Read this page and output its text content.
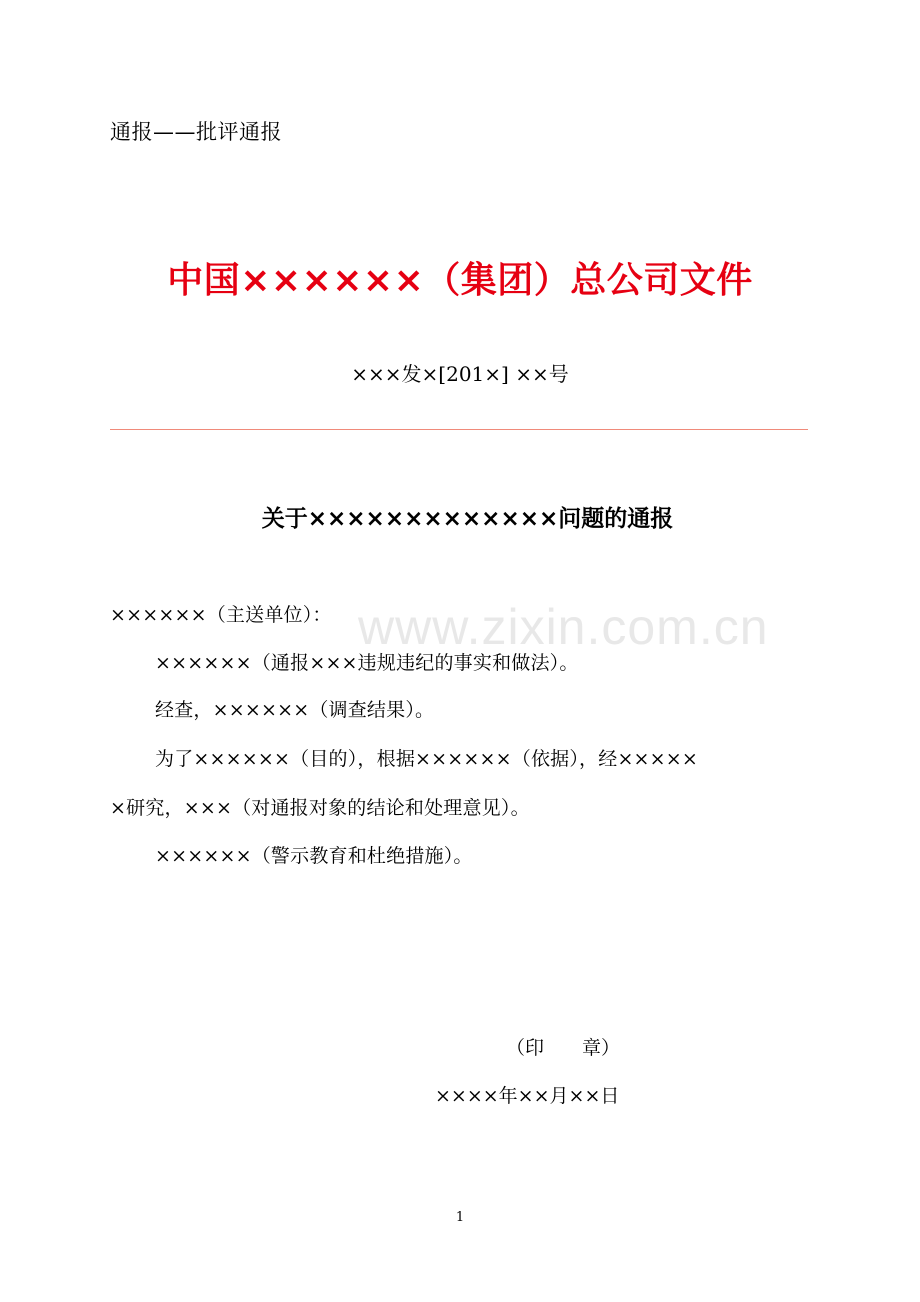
通报——批评通报
中国××××××（集团）总公司文件
×××发×[201×] ××号
关于×××××××××××××问题的通报
www.zixin.com.cn
××××××（主送单位）：
××××××（通报×××违规违纪的事实和做法）。
经查，××××××（调查结果）。
为了××××××（目的），根据××××××（依据），经×××××
×研究，×××（对通报对象的结论和处理意见）。
××××××（警示教育和杜绝措施）。
（印　　章）
××××年××月××日
1
